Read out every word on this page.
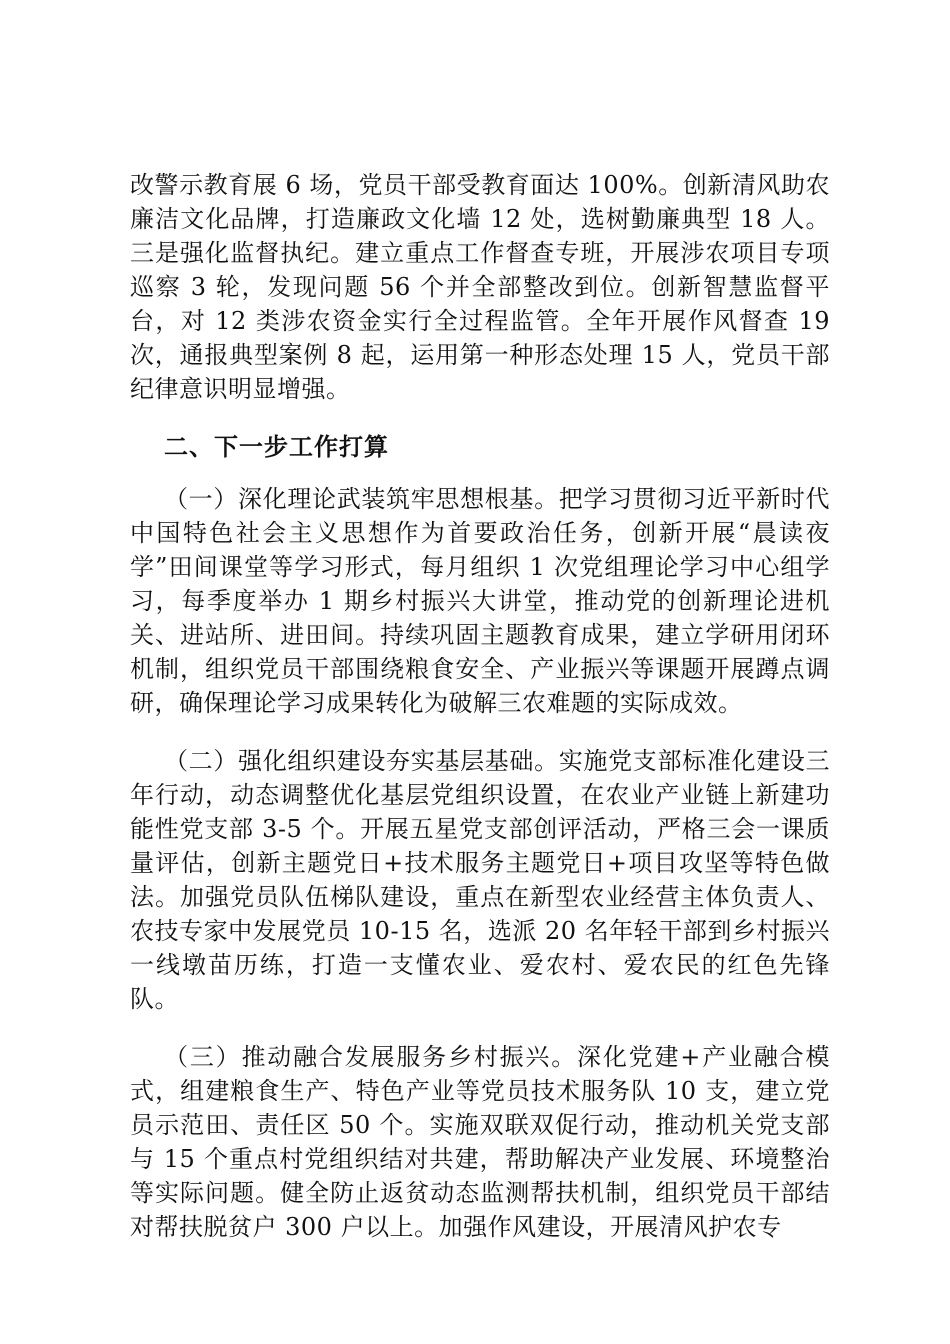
改警示教育展 6 场，党员干部受教育面达 100%。创新清风助农廉洁文化品牌，打造廉政文化墙 12 处，选树勤廉典型 18 人。三是强化监督执纪。建立重点工作督查专班，开展涉农项目专项巡察 3 轮，发现问题 56 个并全部整改到位。创新智慧监督平台，对 12 类涉农资金实行全过程监管。全年开展作风督查 19 次，通报典型案例 8 起，运用第一种形态处理 15 人，党员干部纪律意识明显增强。

二、下一步工作打算

（一）深化理论武装筑牢思想根基。把学习贯彻习近平新时代中国特色社会主义思想作为首要政治任务，创新开展“晨读夜学”田间课堂等学习形式，每月组织 1 次党组理论学习中心组学习，每季度举办 1 期乡村振兴大讲堂，推动党的创新理论进机关、进站所、进田间。持续巩固主题教育成果，建立学研用闭环机制，组织党员干部围绕粮食安全、产业振兴等课题开展蹲点调研，确保理论学习成果转化为破解三农难题的实际成效。

（二）强化组织建设夯实基层基础。实施党支部标准化建设三年行动，动态调整优化基层党组织设置，在农业产业链上新建功能性党支部 3-5 个。开展五星党支部创评活动，严格三会一课质量评估，创新主题党日+技术服务主题党日+项目攻坚等特色做法。加强党员队伍梯队建设，重点在新型农业经营主体负责人、农技专家中发展党员 10-15 名，选派 20 名年轻干部到乡村振兴一线墩苗历练，打造一支懂农业、爱农村、爱农民的红色先锋队。

（三）推动融合发展服务乡村振兴。深化党建+产业融合模式，组建粮食生产、特色产业等党员技术服务队 10 支，建立党员示范田、责任区 50 个。实施双联双促行动，推动机关党支部与 15 个重点村党组织结对共建，帮助解决产业发展、环境整治等实际问题。健全防止返贫动态监测帮扶机制，组织党员干部结对帮扶脱贫户 300 户以上。加强作风建设，开展清风护农专
